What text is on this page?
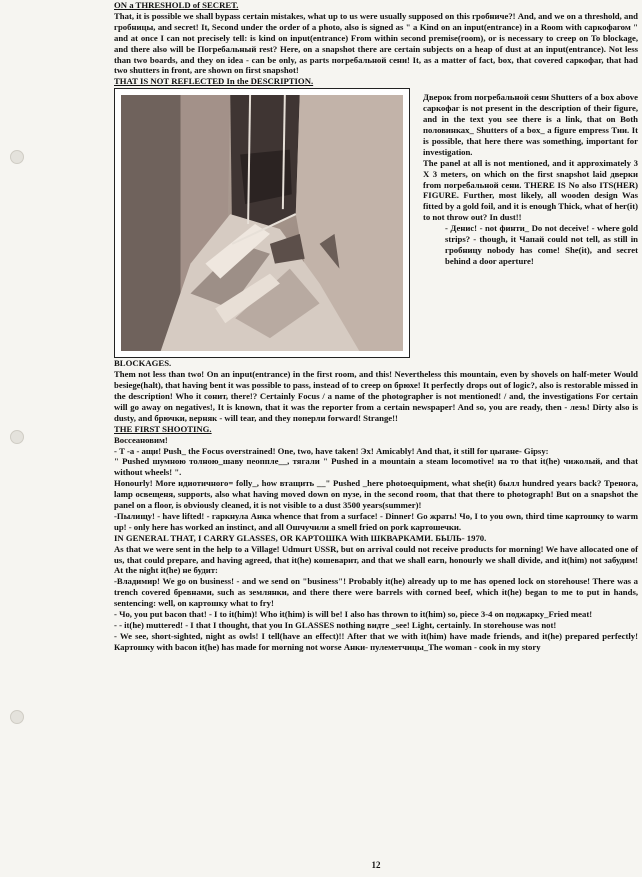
ON a THRESHOLD of SECRET.

That, it is possible we shall bypass certain mistakes, what up to us were usually supposed on this гробниче?! And, and we on a threshold, and гробницы, and secret! It, Second under the order of a photo, also is signed as " a Kind on an input(entrance) in a Room with саркофагом " and at once I can not precisely tell: is kind on input(entrance) From within second premise(room), or is necessary to creep on To blockage, and there also will be Погребальный rest? Here, on a snapshot there are certain subjects on a heap of dust at an input(entrance). Not less than two boards, and they on idea - can be only, as parts погребальной сени! It, as a matter of fact, box, that covered саркофаг, that had two shutters in front, are shown on first snapshot!

THAT IS NOT REFLECTED In the DESCRIPTION.

Дверок from погребальной сени Shutters of a box above саркофаг is not present in the description of their figure, and in the text you see there is a link, that on Both половинках_ Shutters of a box_ a figure empress Тии. It is possible, that here there was something, important for investigation.

The panel at all is not mentioned, and it approximately 3 X 3 meters, on which on the first snapshot laid дверки from погребальной сени. THERE IS No also ITS(HER) FIGURE. Further, most likely, all wooden design Was fitted by a gold foil, and it is enough Thick, what of her(it) to not throw out? In dust!!

- Денис! - not финти_ Do not deceive! - where gold strips? - though, it Чапай could not tell, as still in гробницу nobody has come! She(it), and secret behind a door aperture!

BLOCKAGES.

Them not less than two! On an input(entrance) in the first room, and this! Nevertheless this mountain, even by shovels on half-meter Would besiege(halt), that having bent it was possible to pass, instead of to creep on брюхе! It perfectly drops out of logic?, also is restorable missed in the description! Who it сонит, there!? Certainly Focus / a name of the photographer is not mentioned! / and, the investigations For certain will go away on negatives!, It is known, that it was the reporter from a certain newspaper! And so, you are ready, then - лезь! Dirty also is dusty, and брючки, верняк - will tear, and they поперли forward! Strange!!

THE FIRST SHOOTING.

Воссеановим!

- Т -а - ащи! Push_ the Focus overstrained! One, two, have taken! Эх! Amicably! And that, it still for цыгане- Gipsy:

" Pushed шумною толною_шаву пеоппле__, тягали " Pushed in a mountain a steam locomotive! на то that it(he) чижолый, and that without wheels! ".

Honourly! More идиотичного= folly_, how втащить __" Pushed _here photoequipment, what she(it) былл hundred years back? Тренога, lamp освещеня, supports, also what having moved down on пузе, in the second room, that that there to photograph! But on a snapshot the panel on a floor, is obviously cleaned, it is not visible to a dust 3500 years(summer)!

-Пылищу! - have lifted! - гаркнула Анка whence that from a surface! - Dinner! Go жрать! Чо, I to you own, third time картошку to warm up! - only here has worked an instinct, and all Ошчучили a smell fried on pork картошечки.

IN GENERAL THAT, I CARRY GLASSES, OR КАРТОШКА With ШКВАРКАМИ. БЫЛЬ- 1970.

As that we were sent in the help to a Village! Udmurt USSR, but on arrival could not receive products for morning! We have allocated one of us, that could prepare, and having agreed, that it(he) кошеварит, and that we shall earn, honourly we shall divide, and it(him) not забудим! At the night it(he) не будит:

-Владимир! We go on business! - and we send on "business"! Probably it(he) already up to me has opened lock on storehouse! There was a trench covered бревнами, such as землянки, and there there were barrels with corned beef, which it(he) began to me to put in hands, sentencing: well, on картошку what to fry!

- Чо, you put bacon that! - I to it(him)! Who it(him) is will be! I also has thrown to it(him) so, piece 3-4 on поджарку_Fried meat!

- - it(he) muttered! - I that I thought, that you In GLASSES nothing видте _see! Light, certainly. In storehouse was not!

- We see, short-sighted, night as owls! I tell(have an effect)!! After that we with it(him) have made friends, and it(he) prepared perfectly! Картошку with bacon it(he) has made for morning not worse Анки- пулеметчицы_The woman - cook in my story

12
